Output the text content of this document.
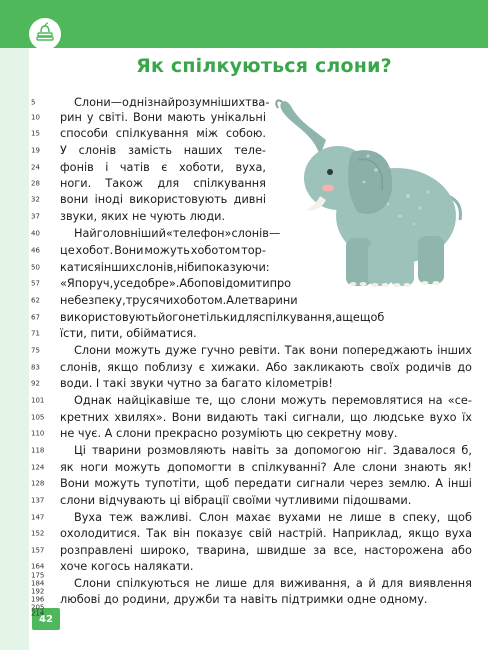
42
Як спілкуються слони?
5
10
15
19
24
28
32
37
40
46
50
57
62
67
71
75
83
92
101
105
110
118
124
128
137
147
152
157
164
175
184
192
196
205
214
Слони — одні з найрозумніших тва-
рин у світі. Вони мають унікальні
способи спілкування між собою.
У слонів замість наших теле-
фонів і чатів є хоботи, вуха,
ноги. Також для спілкування
вони іноді використовують дивні
звуки, яких не чують люди.
Найголовніший «телефон» слонів —
це хобот. Вони можуть хоботом тор-
катися інших слонів, ніби показуючи:
«Я поруч, усе добре». Або повідомити про
небезпеку, трусячи хоботом. Але тварини
використовують його не тільки для спілкування, а ще щоб
їсти, пити, обійматися.
Слони можуть дуже гучно ревіти. Так вони попереджають інших
слонів, якщо поблизу є хижаки. Або закликають своїх родичів до
води. І такі звуки чутно за багато кілометрів!
Однак найцікавіше те, що слони можуть перемовлятися на «се-
кретних хвилях». Вони видають такі сигнали, що людське вухо їх
не чує. А слони прекрасно розуміють цю секретну мову.
Ці тварини розмовляють навіть за допомогою ніг. Здавалося б,
як ноги можуть допомогти в спілкуванні? Але слони знають як!
Вони можуть тупотіти, щоб передати сигнали через землю. А інші
слони відчувають ці вібрації своїми чутливими підошвами.
Вуха теж важливі. Слон махає вухами не лише в спеку, щоб
охолодитися. Так він показує свій настрій. Наприклад, якщо вуха
розправлені широко, тварина, швидше за все, насторожена або
хоче когось налякати.
Слони спілкуються не лише для виживання, а й для виявлення
любові до родини, дружби та навіть підтримки одне одному.
